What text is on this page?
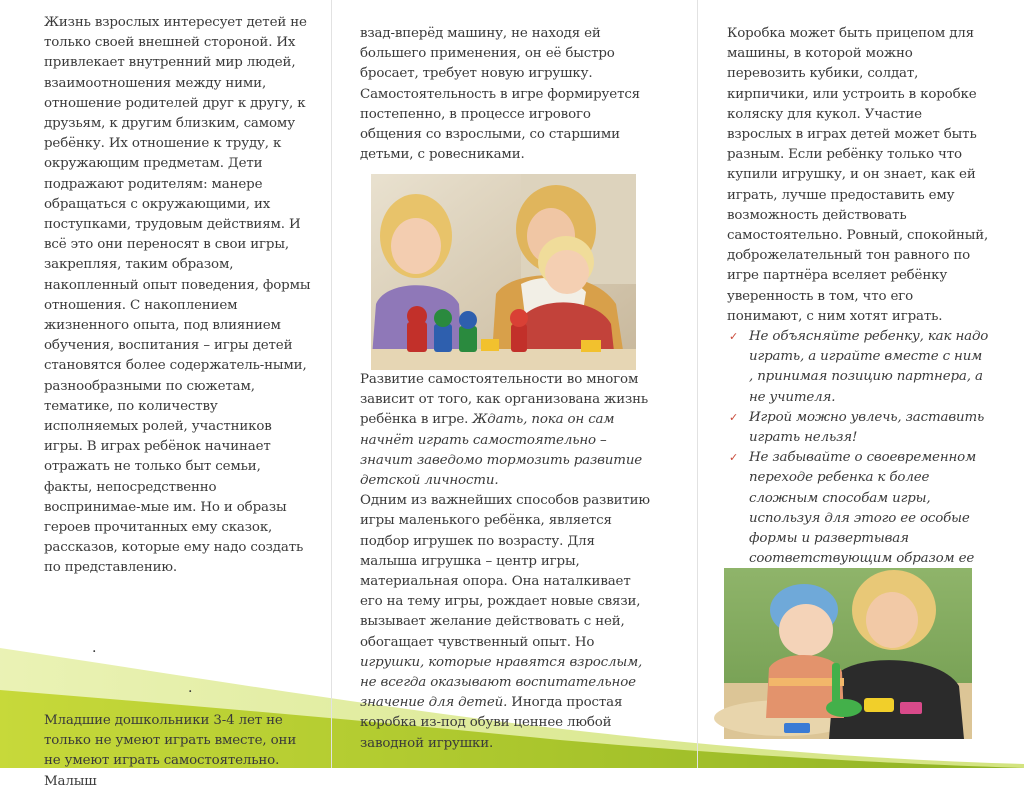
Жизнь взрослых интересует детей не только своей внешней стороной. Их привлекает внутренний мир людей, взаимоотношения между ними, отношение родителей друг к другу, к друзьям, к другим близким, самому ребёнку. Их отношение к труду, к окружающим предметам. Дети подражают родителям: манере обращаться с окружающими, их поступками, трудовым действиям. И всё это они переносят в свои игры, закрепляя, таким образом, накопленный опыт поведения, формы отношения. С накоплением жизненного опыта, под влиянием обучения, воспитания – игры детей становятся более содержатель-ными, разнообразными по сюжетам, тематике, по количеству исполняемых ролей, участников игры. В играх ребёнок начинает отражать не только быт семьи, факты, непосредственно воспринимае-мые им. Но и образы героев прочитанных ему сказок, рассказов, которые ему надо создать по представлению.

.
.

Младшие дошкольники 3-4 лет не только не умеют играть вместе, они не умеют играть самостоятельно. Малыш

взад-вперёд машину, не находя ей большего применения, он её быстро бросает, требует новую игрушку. Самостоятельность в игре формируется постепенно, в процессе игрового общения со взрослыми, со старшими детьми, с ровесниками.

Развитие самостоятельности во многом зависит от того, как организована жизнь ребёнка в игре. Ждать, пока он сам начнёт играть самостоятельно – значит заведомо тормозить развитие детской личности.

Одним из важнейших способов развитию игры маленького ребёнка, является подбор игрушек по возрасту. Для малыша игрушка – центр игры, материальная опора. Она наталкивает его на тему игры, рождает новые связи, вызывает желание действовать с ней, обогащает чувственный опыт. Но игрушки, которые нравятся взрослым, не всегда оказывают воспитательное значение для детей. Иногда простая коробка из-под обуви ценнее любой заводной игрушки.

Коробка может быть прицепом для машины, в которой можно перевозить кубики, солдат, кирпичики, или устроить в коробке коляску для кукол. Участие взрослых в играх детей может быть разным. Если ребёнку только что купили игрушку, и он знает, как ей играть, лучше предоставить ему возможность действовать самостоятельно. Ровный, спокойный, доброжелательный тон равного по игре партнёра вселяет ребёнку уверенность в том, что его понимают, с ним хотят играть.

✓ Не объясняйте ребенку, как надо играть, а играйте вместе с ним , принимая позицию партнера, а не учителя.
✓ Игрой можно увлечь, заставить играть нельзя!
✓ Не забывайте о своевременном переходе ребенка к более сложным способам игры, используя для этого ее особые формы и развертывая соответствующим образом ее
